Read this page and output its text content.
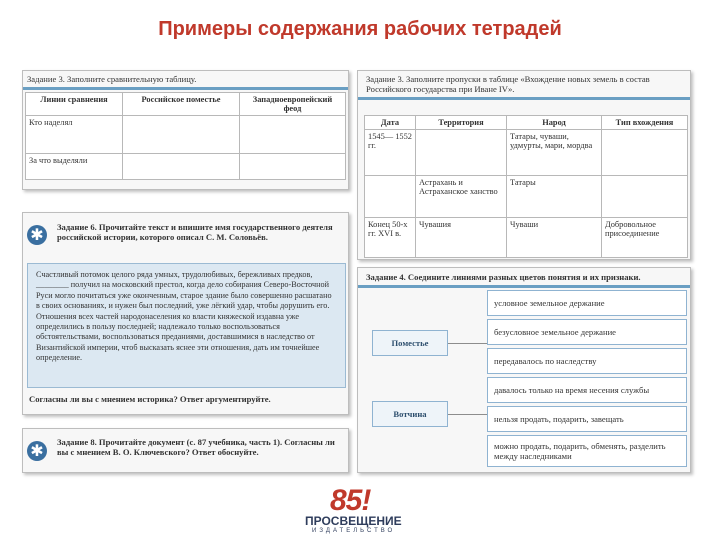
Примеры содержания рабочих тетрадей
Задание 3. Заполните сравнительную таблицу.
Линии сравнения	Российское поместье	Западноевропейский феод
Кто наделял		
За что выделяли		
Задание 3. Заполните пропуски в таблице «Вхождение новых земель в состав Российского государства при Иване IV».
Дата	Территория	Народ	Тип вхождения
1545— 1552 гг.		Татары, чуваши, удмурты, мари, мордва	
	Астрахань и Астраханское ханство	Татары	
Конец 50-х гг. XVI в.	Чувашия	Чуваши	Добровольное присоединение
✱	Задание 6. Прочитайте текст и впишите имя государственного деятеля российской истории, которого описал С. М. Соловьёв.
Счастливый потомок целого ряда умных, трудолюбивых, бережливых предков, ________ получил на московский престол, когда дело собирания Северо-Восточной Руси могло почитаться уже оконченным, старое здание было совершенно расшатано в своих основаниях, и нужен был последний, уже лёгкий удар, чтобы дорушить его. Отношения всех частей народонаселения ко власти княжеской издавна уже определились в пользу последней; надлежало только воспользоваться обстоятельствами, воспользоваться преданиями, доставшимися в наследство от Византийской империи, чтоб высказать яснее эти отношения, дать им точнейшее определение.
Согласны ли вы с мнением историка? Ответ аргументируйте.
Задание 4. Соедините линиями разных цветов понятия и их признаки.
Поместье
Вотчина
условное земельное держание
безусловное земельное держание
передавалось по наследству
давалось только на время несения службы
нельзя продать, подарить, завещать
можно продать, подарить, обменять, разделить между наследниками
✱	Задание 8. Прочитайте документ (с. 87 учебника, часть 1). Согласны ли вы с мнением В. О. Ключевского? Ответ обоснуйте.
85!
ПРОСВЕЩЕНИЕ
ИЗДАТЕЛЬСТВО
